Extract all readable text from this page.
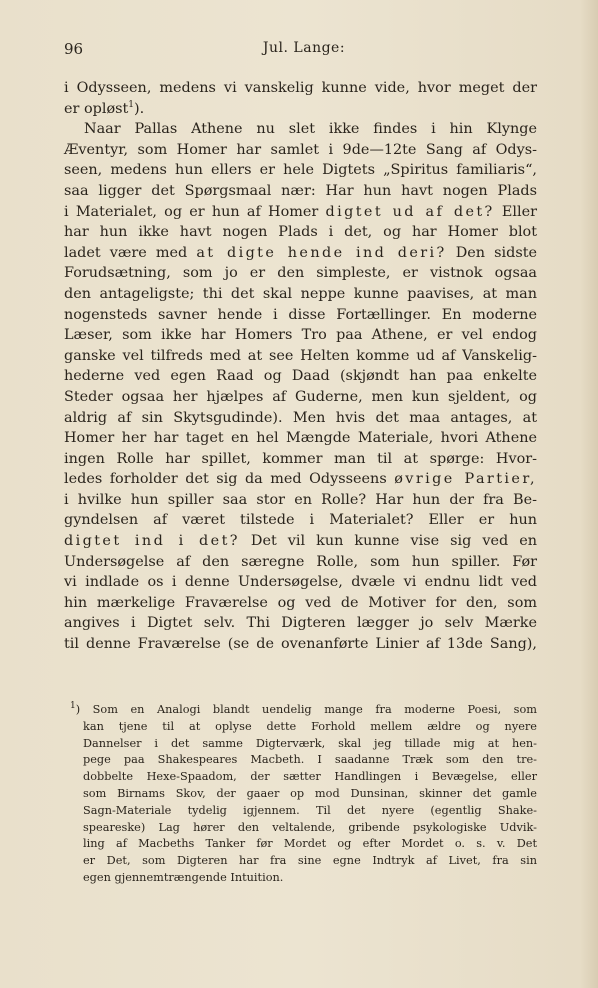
96	Jul. Lange:
i Odysseen, medens vi vanskelig kunne vide, hvor meget der
er opløst$^1$).
Naar Pallas Athene nu slet ikke findes i hin Klynge
Æventyr, som Homer har samlet i 9de—12te Sang af Odys-
seen, medens hun ellers er hele Digtets „Spiritus familiaris“,
saa ligger det Spørgsmaal nær: Har hun havt nogen Plads
i Materialet, og er hun af Homer digtet ud af det? Eller
har hun ikke havt nogen Plads i det, og har Homer blot
ladet være med at digte hende ind deri? Den sidste
Forudsætning, som jo er den simpleste, er vistnok ogsaa
den antageligste; thi det skal neppe kunne paavises, at man
nogensteds savner hende i disse Fortællinger. En moderne
Læser, som ikke har Homers Tro paa Athene, er vel endog
ganske vel tilfreds med at see Helten komme ud af Vanskelig-
hederne ved egen Raad og Daad (skjøndt han paa enkelte
Steder ogsaa her hjælpes af Guderne, men kun sjeldent, og
aldrig af sin Skytsgudinde). Men hvis det maa antages, at
Homer her har taget en hel Mængde Materiale, hvori Athene
ingen Rolle har spillet, kommer man til at spørge: Hvor-
ledes forholder det sig da med Odysseens øvrige Partier,
i hvilke hun spiller saa stor en Rolle? Har hun der fra Be-
gyndelsen af været tilstede i Materialet? Eller er hun
digtet ind i det? Det vil kun kunne vise sig ved en
Undersøgelse af den særegne Rolle, som hun spiller. Før
vi indlade os i denne Undersøgelse, dvæle vi endnu lidt ved
hin mærkelige Fraværelse og ved de Motiver for den, som
angives i Digtet selv. Thi Digteren lægger jo selv Mærke
til denne Fraværelse (se de ovenanførte Linier af 13de Sang),
$^1$) Som en Analogi blandt uendelig mange fra moderne Poesi, som
kan tjene til at oplyse dette Forhold mellem ældre og nyere
Dannelser i det samme Digterværk, skal jeg tillade mig at hen-
pege paa Shakespeares Macbeth. I saadanne Træk som den tre-
dobbelte Hexe-Spaadom, der sætter Handlingen i Bevægelse, eller
som Birnams Skov, der gaaer op mod Dunsinan, skinner det gamle
Sagn-Materiale tydelig igjennem. Til det nyere (egentlig Shake-
speareske) Lag hører den veltalende, gribende psykologiske Udvik-
ling af Macbeths Tanker før Mordet og efter Mordet o. s. v. Det
er Det, som Digteren har fra sine egne Indtryk af Livet, fra sin
egen gjennemtrængende Intuition.
